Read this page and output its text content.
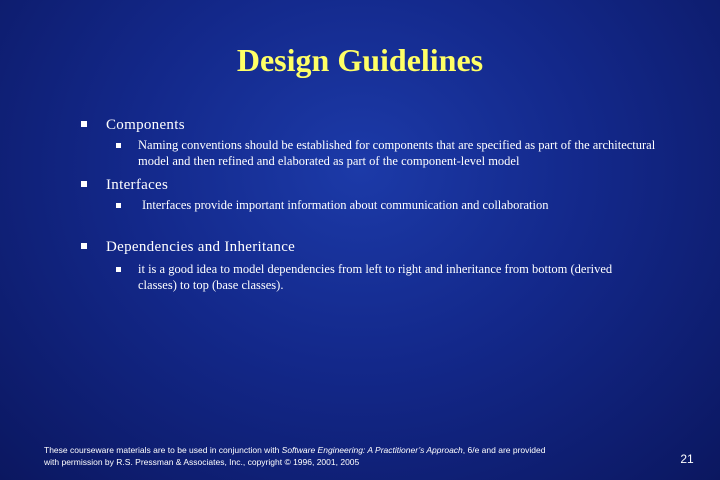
Design Guidelines
Components
Naming conventions should be established for components that are specified as part of the architectural model and then refined and elaborated as part of the component-level model
Interfaces
Interfaces provide important information about communication and collaboration
Dependencies and Inheritance
it is a good idea to model dependencies from left to right and inheritance from bottom (derived classes) to top (base classes).
These courseware materials are to be used in conjunction with Software Engineering: A Practitioner’s Approach, 6/e and are provided
with permission by R.S. Pressman & Associates, Inc., copyright © 1996, 2001, 2005	21
